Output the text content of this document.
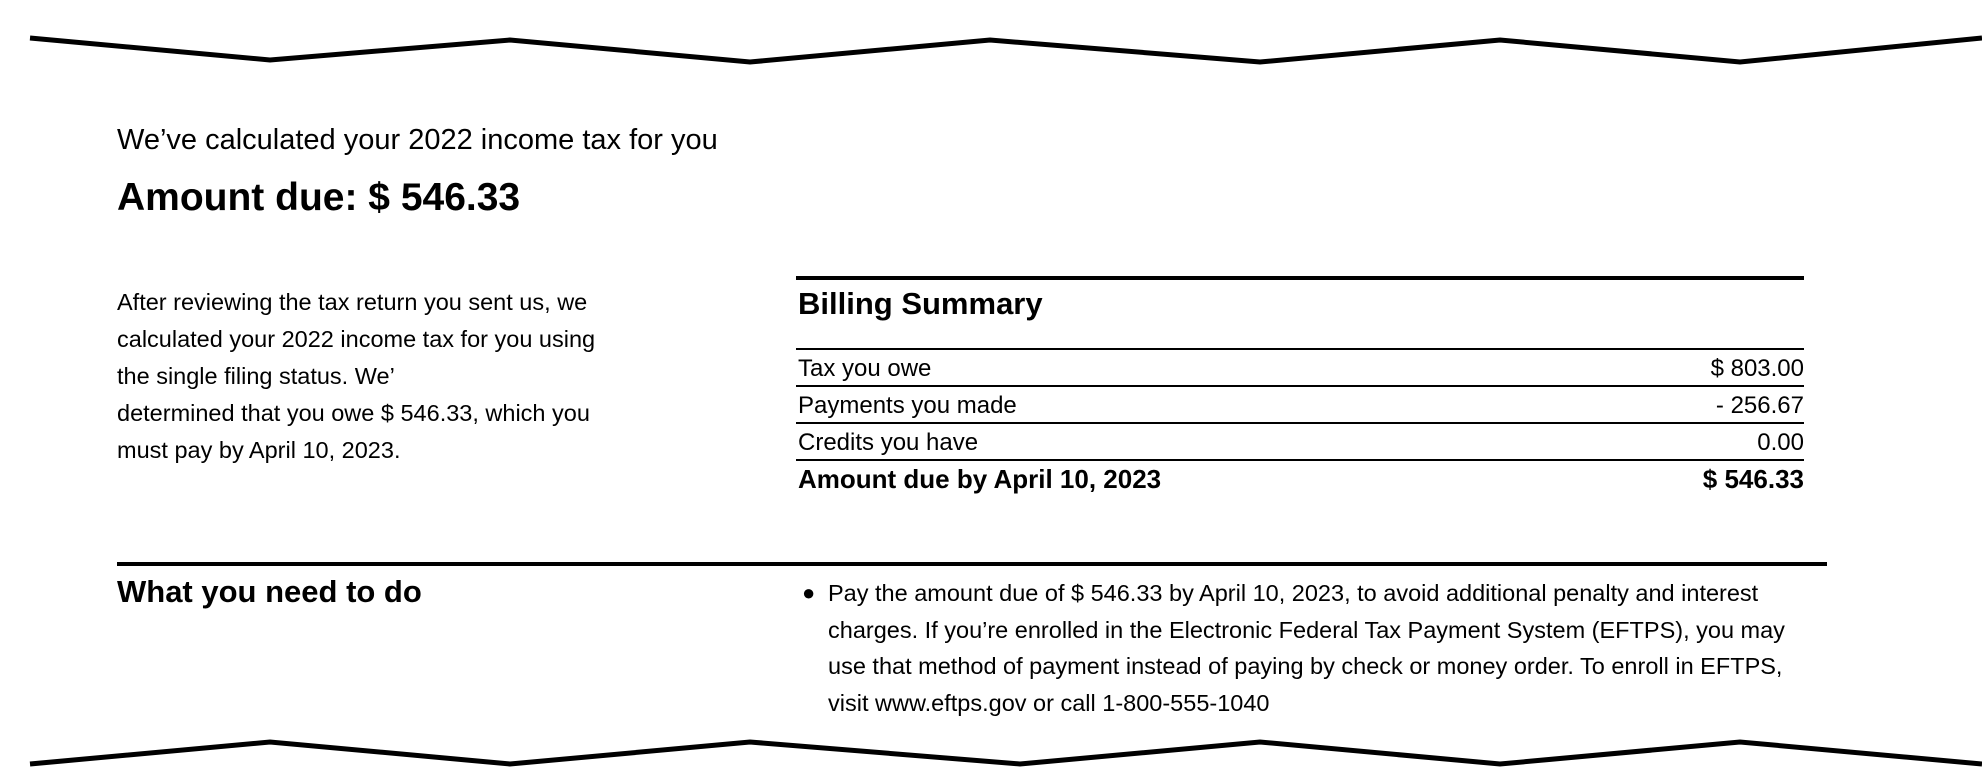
We’ve calculated your 2022 income tax for you
Amount due: $ 546.33
After reviewing the tax return you sent us, we
calculated your 2022 income tax for you using
the single filing status. We’
determined that you owe $ 546.33, which you
must pay by April 10, 2023.
Billing Summary
Tax you owe	$ 803.00
Payments you made	- 256.67
Credits you have	0.00
Amount due by April 10, 2023	$ 546.33
What you need to do	● Pay the amount due of $ 546.33 by April 10, 2023, to avoid additional penalty and interest charges. If you’re enrolled in the Electronic Federal Tax Payment System (EFTPS), you may use that method of payment instead of paying by check or money order. To enroll in EFTPS, visit www.eftps.gov or call 1-800-555-1040
